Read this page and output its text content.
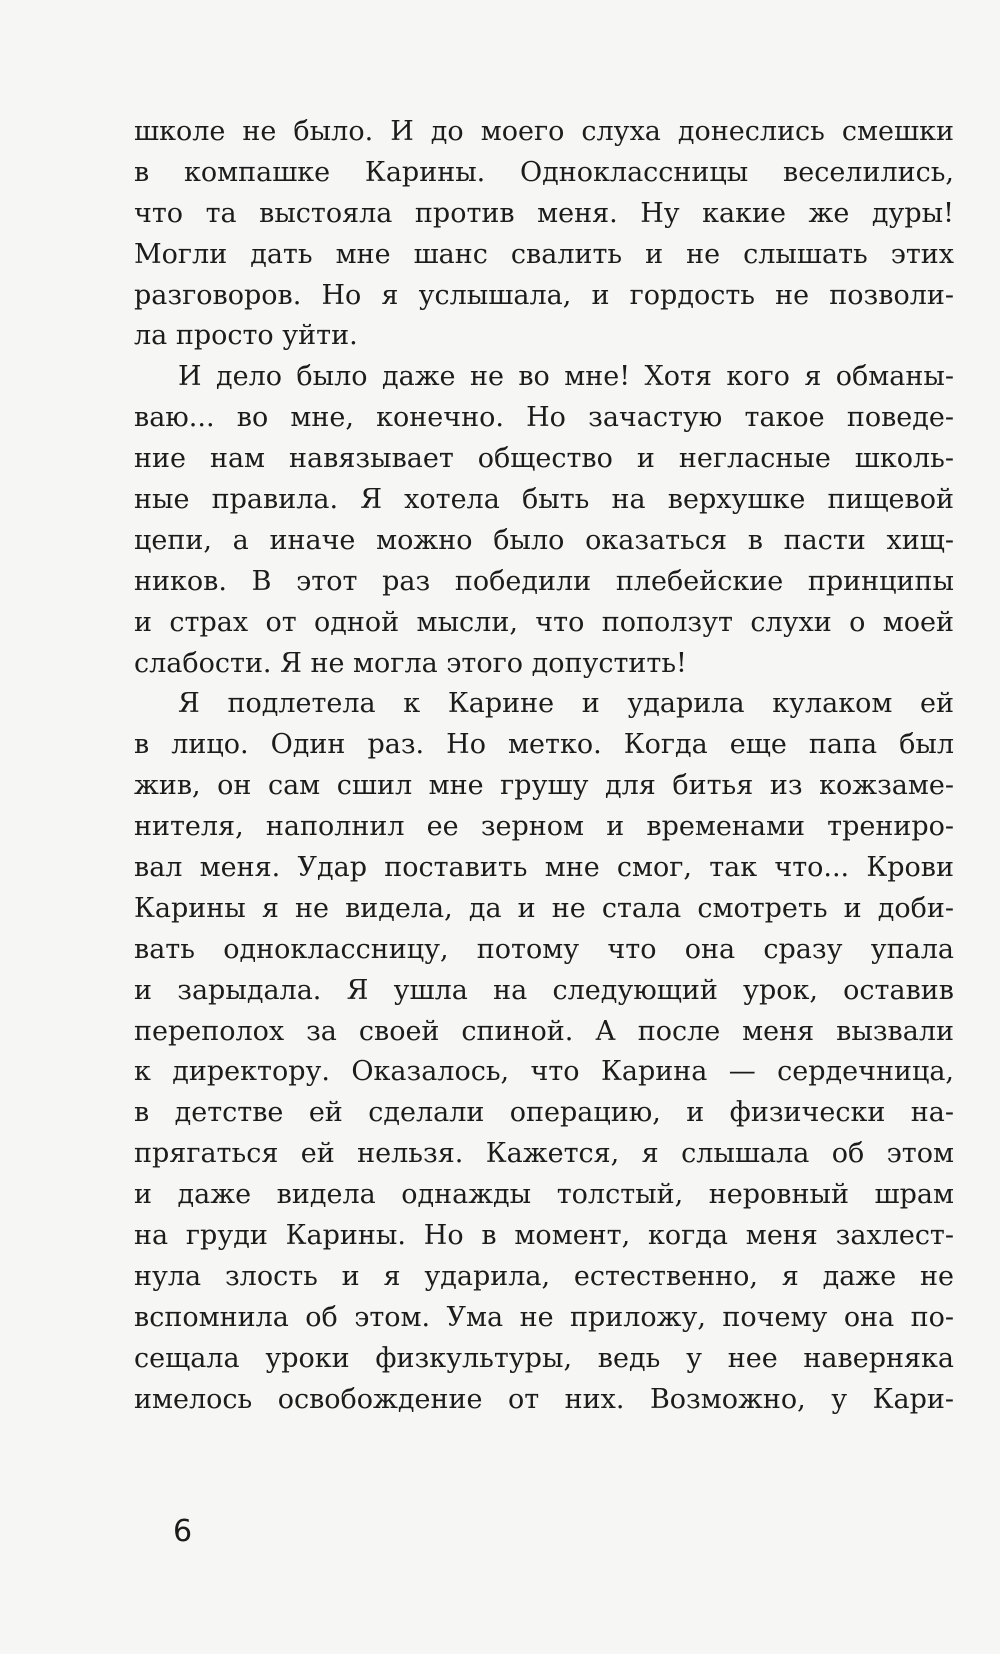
школе не было. И до моего слуха донеслись смешки
в компашке Карины. Одноклассницы веселились,
что та выстояла против меня. Ну какие же дуры!
Могли дать мне шанс свалить и не слышать этих
разговоров. Но я услышала, и гордость не позволи-
ла просто уйти.
И дело было даже не во мне! Хотя кого я обманы-
ваю... во мне, конечно. Но зачастую такое поведе-
ние нам навязывает общество и негласные школь-
ные правила. Я хотела быть на верхушке пищевой
цепи, а иначе можно было оказаться в пасти хищ-
ников. В этот раз победили плебейские принципы
и страх от одной мысли, что поползут слухи о моей
слабости. Я не могла этого допустить!
Я подлетела к Карине и ударила кулаком ей
в лицо. Один раз. Но метко. Когда еще папа был
жив, он сам сшил мне грушу для битья из кожзаме-
нителя, наполнил ее зерном и временами трениро-
вал меня. Удар поставить мне смог, так что... Крови
Карины я не видела, да и не стала смотреть и доби-
вать одноклассницу, потому что она сразу упала
и зарыдала. Я ушла на следующий урок, оставив
переполох за своей спиной. А после меня вызвали
к директору. Оказалось, что Карина — сердечница,
в детстве ей сделали операцию, и физически на-
прягаться ей нельзя. Кажется, я слышала об этом
и даже видела однажды толстый, неровный шрам
на груди Карины. Но в момент, когда меня захлест-
нула злость и я ударила, естественно, я даже не
вспомнила об этом. Ума не приложу, почему она по-
сещала уроки физкультуры, ведь у нее наверняка
имелось освобождение от них. Возможно, у Кари-
6
